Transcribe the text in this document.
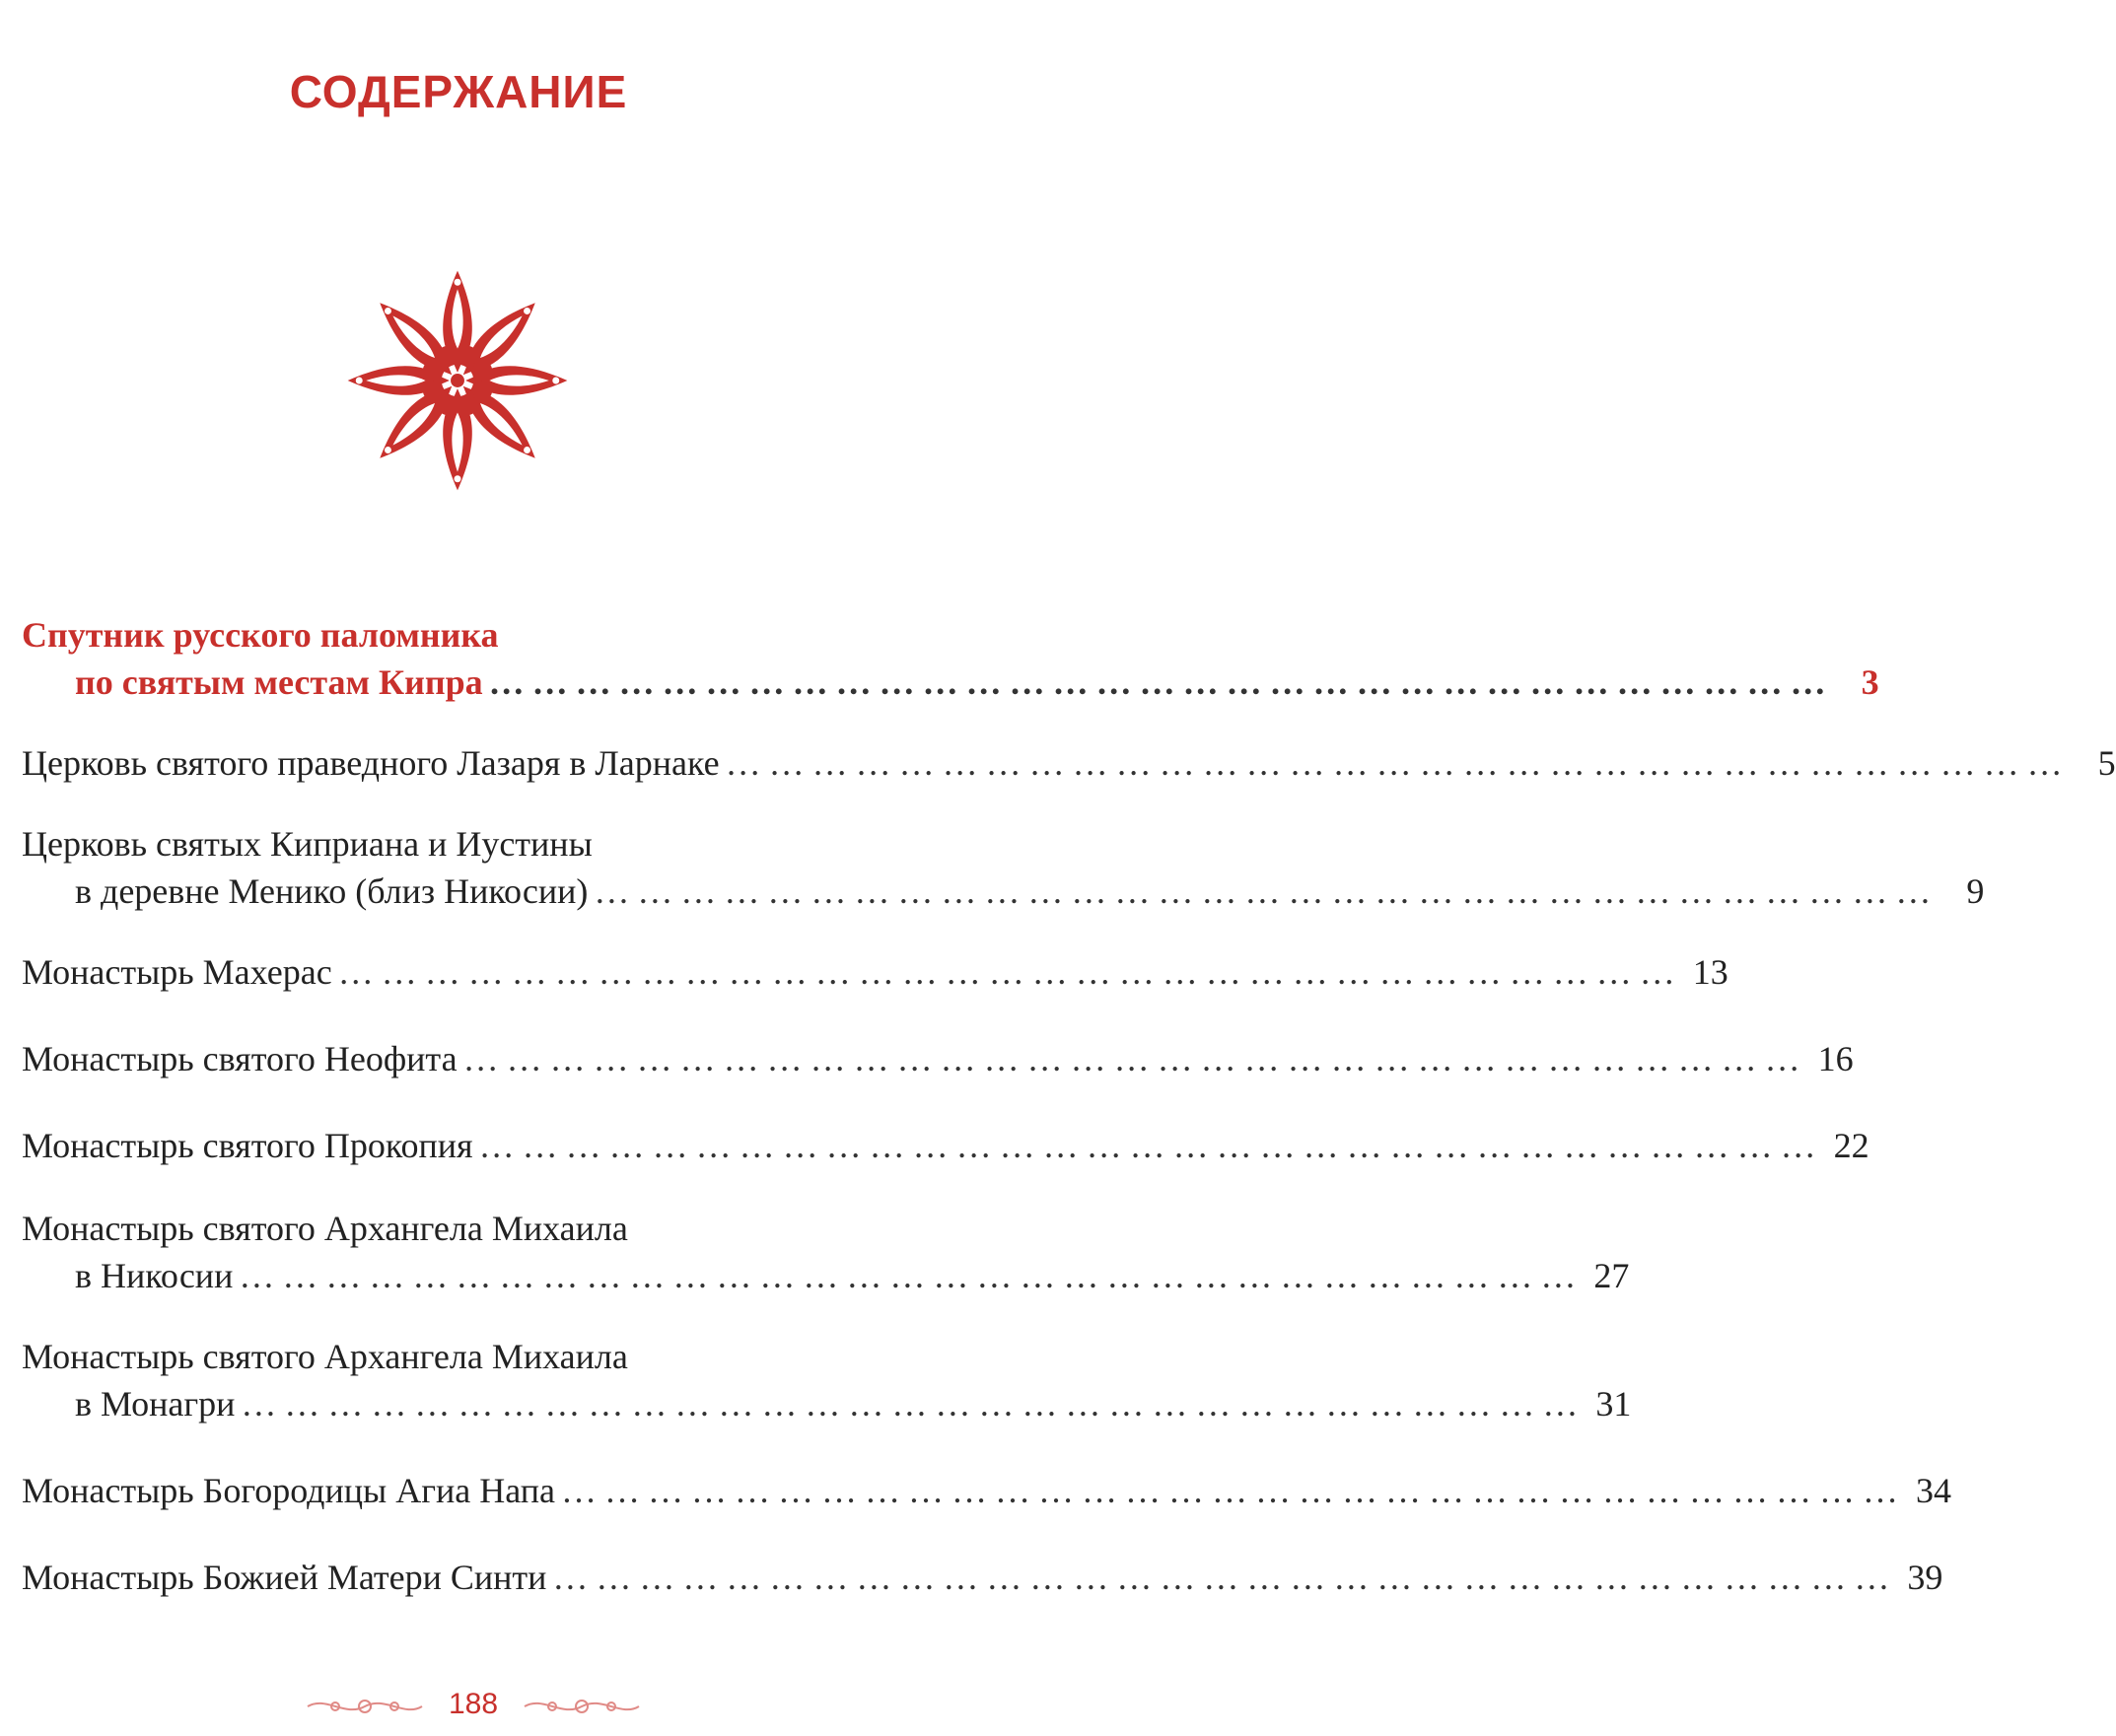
СОДЕРЖАНИЕ
Спутник русского паломника
по святым местам Кипра ………………………………………………………………………………… 3
Церковь святого праведного Лазаря в Ларнаке ………………………………………………………………………………… 5
Церковь святых Киприана и Иустины
в деревне Менико (близ Никосии) ………………………………………………………………………………… 9
Монастырь Махерас ………………………………………………………………………………… 13
Монастырь святого Неофита ………………………………………………………………………………… 16
Монастырь святого Прокопия ………………………………………………………………………………… 22
Монастырь святого Архангела Михаила
в Никосии ………………………………………………………………………………… 27
Монастырь святого Архангела Михаила
в Монагри ………………………………………………………………………………… 31
Монастырь Богородицы Агиа Напа ………………………………………………………………………………… 34
Монастырь Божией Матери Синти ………………………………………………………………………………… 39
188
